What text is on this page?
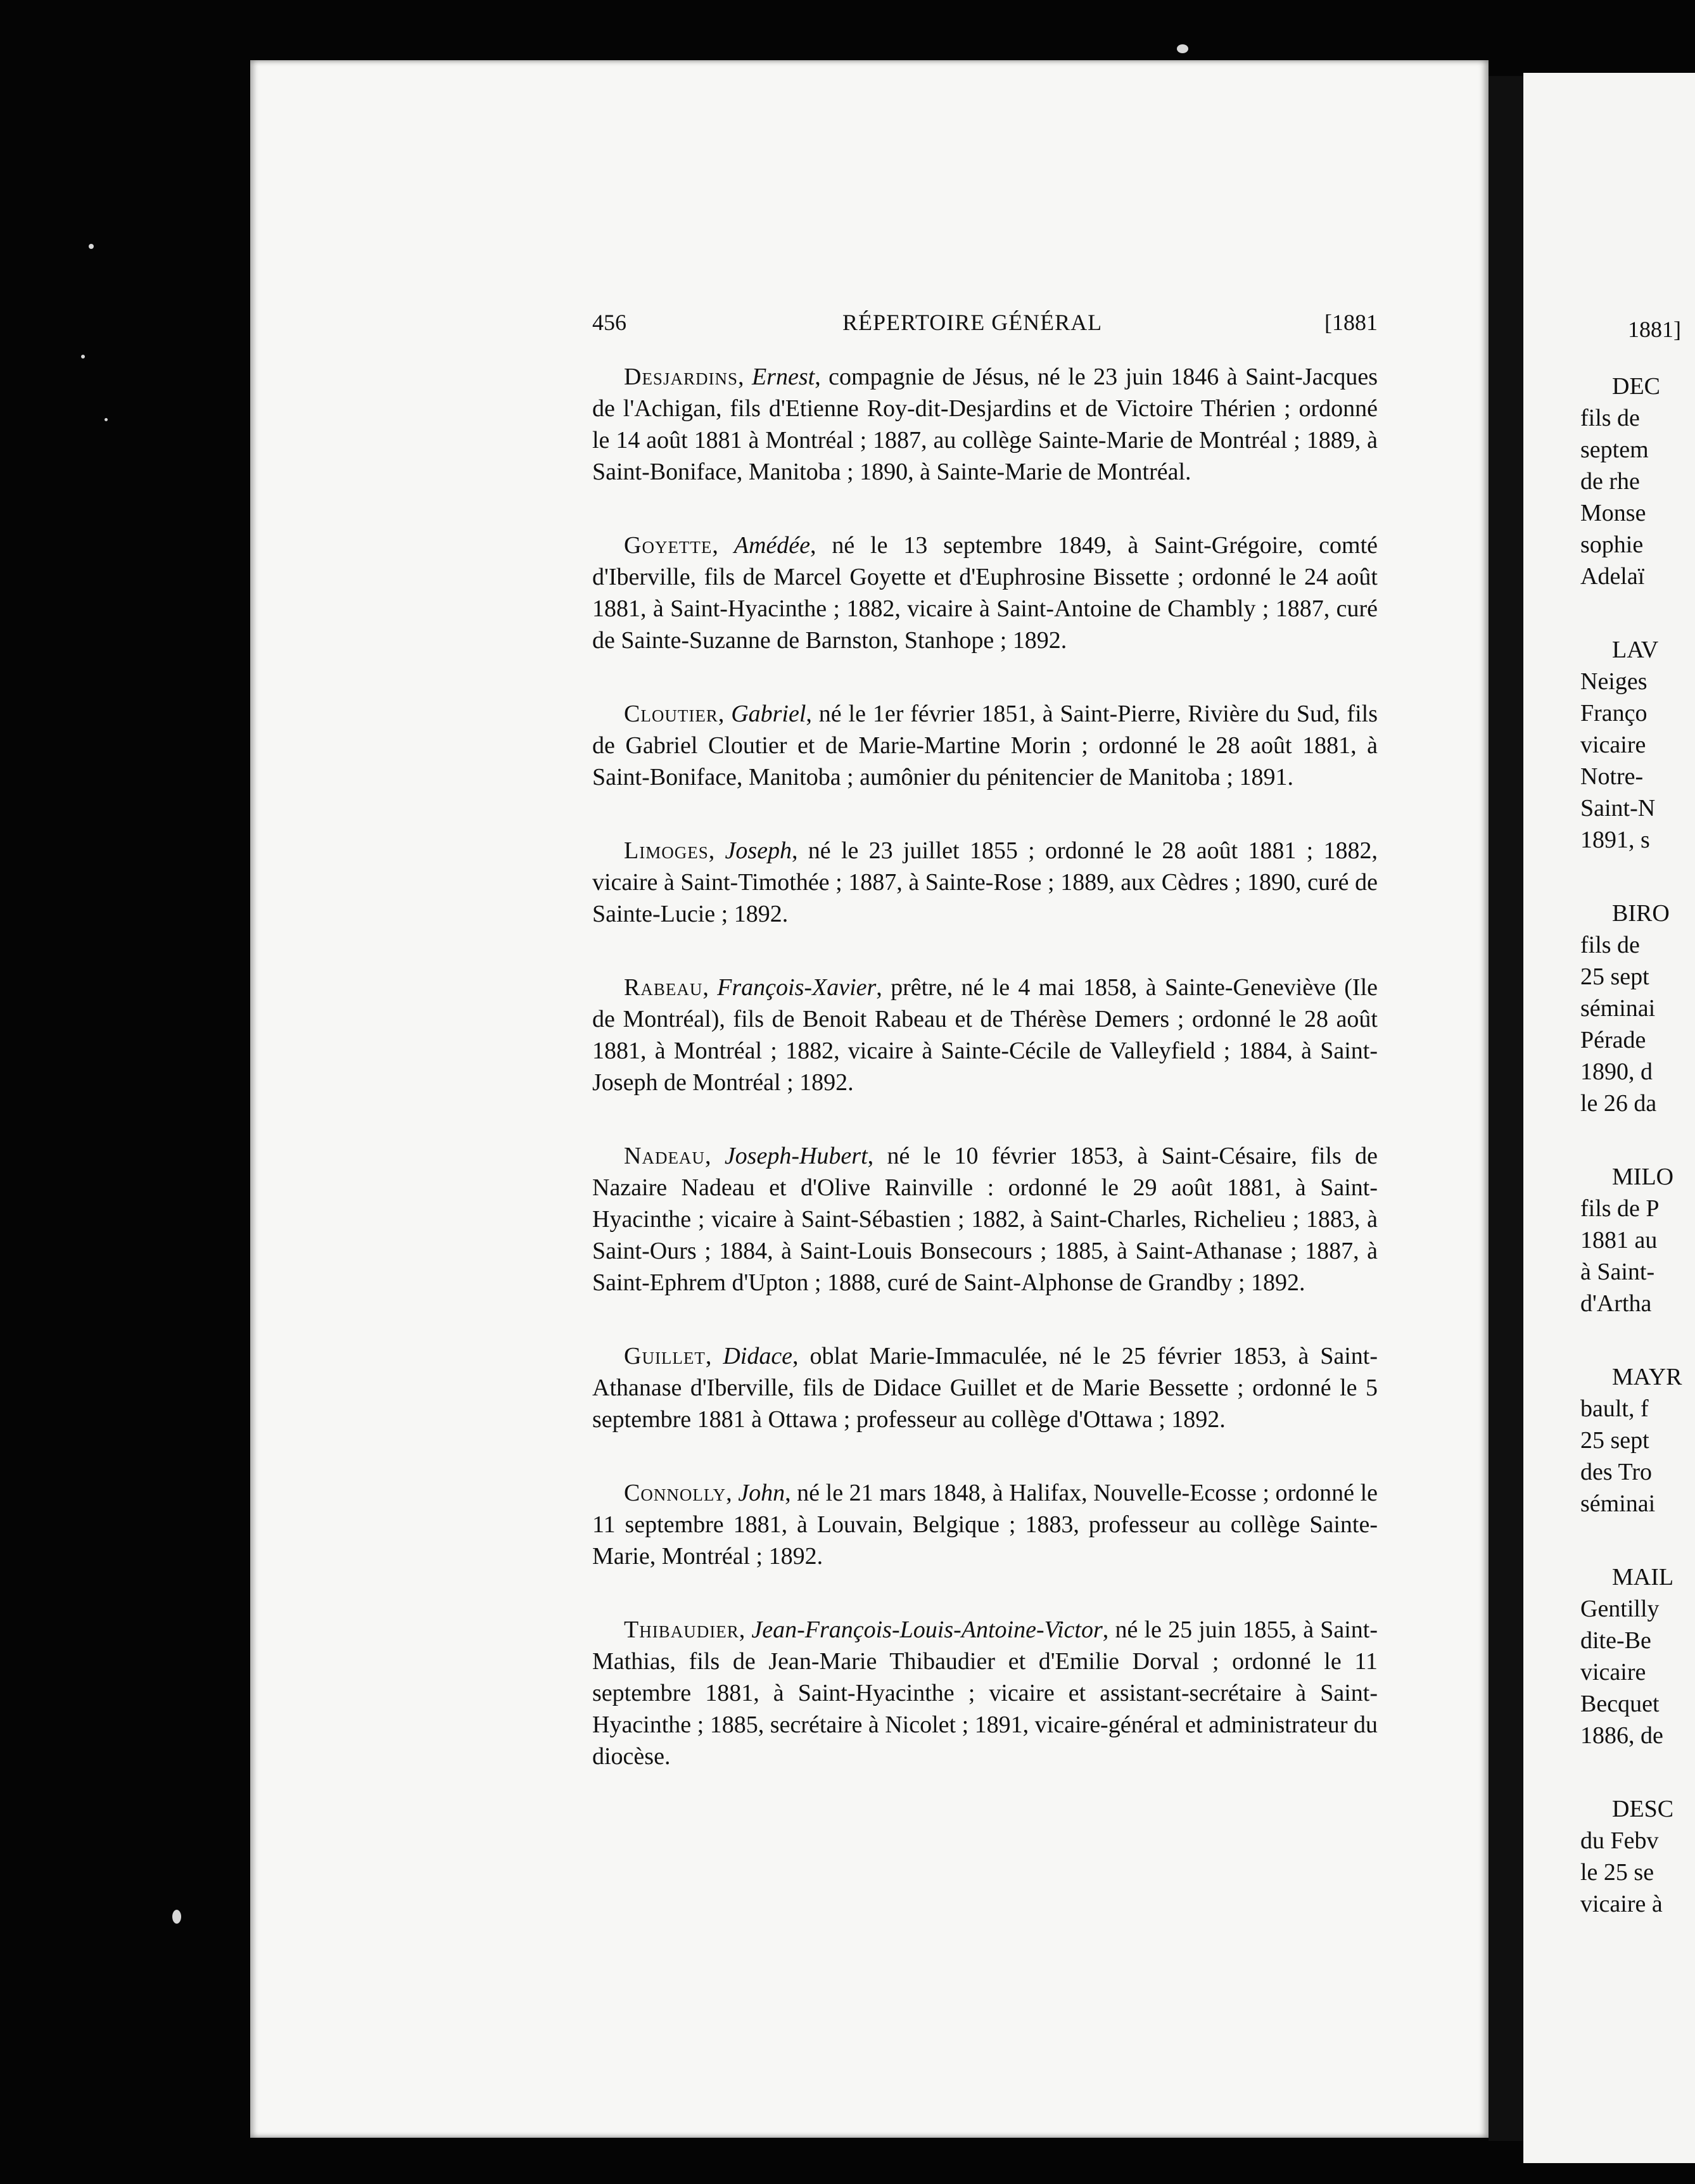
456	RÉPERTOIRE GÉNÉRAL	[1881

Desjardins, Ernest, compagnie de Jésus, né le 23 juin 1846 à Saint-Jacques de l'Achigan, fils d'Etienne Roy-dit-Desjardins et de Victoire Thérien ; ordonné le 14 août 1881 à Montréal ; 1887, au collège Sainte-Marie de Montréal ; 1889, à Saint-Boniface, Manitoba ; 1890, à Sainte-Marie de Montréal.

Goyette, Amédée, né le 13 septembre 1849, à Saint-Grégoire, comté d'Iberville, fils de Marcel Goyette et d'Euphrosine Bissette ; ordonné le 24 août 1881, à Saint-Hyacinthe ; 1882, vicaire à Saint-Antoine de Chambly ; 1887, curé de Sainte-Suzanne de Barnston, Stanhope ; 1892.

Cloutier, Gabriel, né le 1er février 1851, à Saint-Pierre, Rivière du Sud, fils de Gabriel Cloutier et de Marie-Martine Morin ; ordonné le 28 août 1881, à Saint-Boniface, Manitoba ; aumônier du pénitencier de Manitoba ; 1891.

Limoges, Joseph, né le 23 juillet 1855 ; ordonné le 28 août 1881 ; 1882, vicaire à Saint-Timothée ; 1887, à Sainte-Rose ; 1889, aux Cèdres ; 1890, curé de Sainte-Lucie ; 1892.

Rabeau, François-Xavier, prêtre, né le 4 mai 1858, à Sainte-Geneviève (Ile de Montréal), fils de Benoit Rabeau et de Thérèse Demers ; ordonné le 28 août 1881, à Montréal ; 1882, vicaire à Sainte-Cécile de Valleyfield ; 1884, à Saint-Joseph de Montréal ; 1892.

Nadeau, Joseph-Hubert, né le 10 février 1853, à Saint-Césaire, fils de Nazaire Nadeau et d'Olive Rainville : ordonné le 29 août 1881, à Saint-Hyacinthe ; vicaire à Saint-Sébastien ; 1882, à Saint-Charles, Richelieu ; 1883, à Saint-Ours ; 1884, à Saint-Louis Bonsecours ; 1885, à Saint-Athanase ; 1887, à Saint-Ephrem d'Upton ; 1888, curé de Saint-Alphonse de Grandby ; 1892.

Guillet, Didace, oblat Marie-Immaculée, né le 25 février 1853, à Saint-Athanase d'Iberville, fils de Didace Guillet et de Marie Bessette ; ordonné le 5 septembre 1881 à Ottawa ; professeur au collège d'Ottawa ; 1892.

Connolly, John, né le 21 mars 1848, à Halifax, Nouvelle-Ecosse ; ordonné le 11 septembre 1881, à Louvain, Belgique ; 1883, professeur au collège Sainte-Marie, Montréal ; 1892.

Thibaudier, Jean-François-Louis-Antoine-Victor, né le 25 juin 1855, à Saint-Mathias, fils de Jean-Marie Thibaudier et d'Emilie Dorval ; ordonné le 11 septembre 1881, à Saint-Hyacinthe ; vicaire et assistant-secrétaire à Saint-Hyacinthe ; 1885, secrétaire à Nicolet ; 1891, vicaire-général et administrateur du diocèse.

1881]
DEC
fils de
septem
de rhe
Monse
sophie
Adelaï
LAV
Neiges
Franço
vicaire
Notre-
Saint-N
1891, s
BIRO
fils de
25 sept
séminai
Pérade
1890, d
le 26 da
MILO
fils de P
1881 au
à Saint-
d'Artha
MAYR
bault, f
25 sept
des Tro
séminai
MAIL
Gentilly
dite-Be
vicaire
Becquet
1886, de
DESC
du Febv
le 25 se
vicaire à
